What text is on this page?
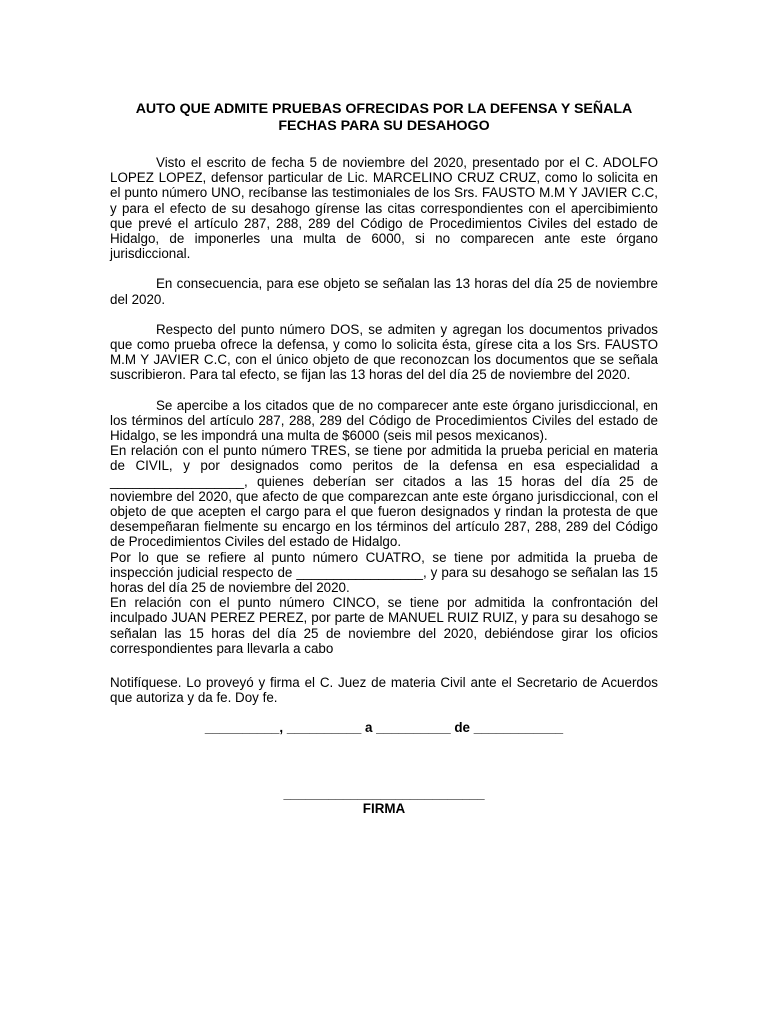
AUTO QUE ADMITE PRUEBAS OFRECIDAS POR LA DEFENSA Y SEÑALA
FECHAS PARA SU DESAHOGO

Visto el escrito de fecha 5 de noviembre del 2020, presentado por el C. ADOLFO LOPEZ LOPEZ, defensor particular de Lic. MARCELINO CRUZ CRUZ, como lo solicita en el punto número UNO, recíbanse las testimoniales de los Srs. FAUSTO M.M Y JAVIER C.C, y para el efecto de su desahogo gírense las citas correspondientes con el apercibimiento que prevé el artículo 287, 288, 289 del Código de Procedimientos Civiles del estado de Hidalgo, de imponerles una multa de 6000, si no comparecen ante este órgano jurisdiccional.

En consecuencia, para ese objeto se señalan las 13 horas del día 25 de noviembre del 2020.

Respecto del punto número DOS, se admiten y agregan los documentos privados que como prueba ofrece la defensa, y como lo solicita ésta, gírese cita a los Srs. FAUSTO M.M Y JAVIER C.C, con el único objeto de que reconozcan los documentos que se señala suscribieron. Para tal efecto, se fijan las 13 horas del del día 25 de noviembre del 2020.

Se apercibe a los citados que de no comparecer ante este órgano jurisdiccional, en los términos del artículo 287, 288, 289 del Código de Procedimientos Civiles del estado de Hidalgo, se les impondrá una multa de $6000 (seis mil pesos mexicanos).

En relación con el punto número TRES, se tiene por admitida la prueba pericial en materia de CIVIL, y por designados como peritos de la defensa en esa especialidad a __________________, quienes deberían ser citados a las 15 horas del día 25 de noviembre del 2020, que afecto de que comparezcan ante este órgano jurisdiccional, con el objeto de que acepten el cargo para el que fueron designados y rindan la protesta de que desempeñaran fielmente su encargo en los términos del artículo 287, 288, 289 del Código de Procedimientos Civiles del estado de Hidalgo.

Por lo que se refiere al punto número CUATRO, se tiene por admitida la prueba de inspección judicial respecto de _________________, y para su desahogo se señalan las 15 horas del día 25 de noviembre del 2020.

En relación con el punto número CINCO, se tiene por admitida la confrontación del inculpado JUAN PEREZ PEREZ, por parte de MANUEL RUIZ RUIZ, y para su desahogo se señalan las 15 horas del día 25 de noviembre del 2020, debiéndose girar los oficios correspondientes para llevarla a cabo

Notifíquese. Lo proveyó y firma el C. Juez de materia Civil ante el Secretario de Acuerdos que autoriza y da fe. Doy fe.

__________, __________ a __________ de ____________
___________________________
FIRMA
